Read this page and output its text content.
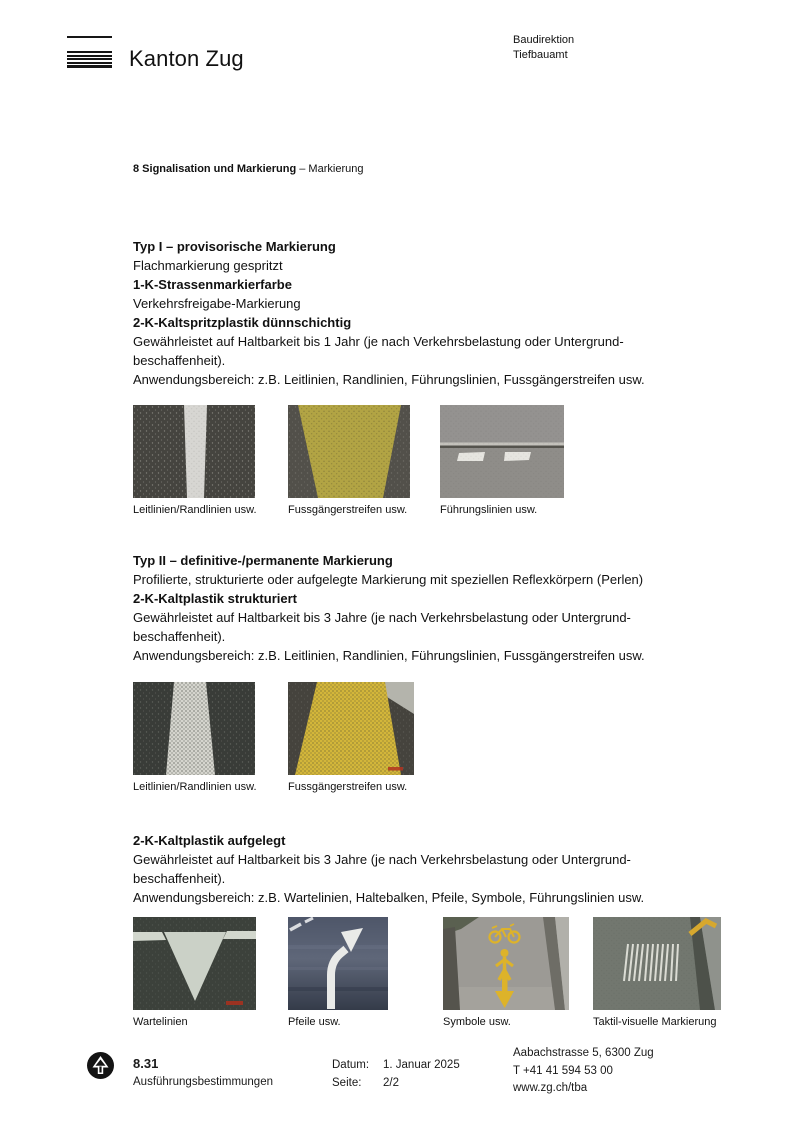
Kanton Zug
Baudirektion
Tiefbauamt
8 Signalisation und Markierung – Markierung
Typ I – provisorische Markierung
Flachmarkierung gespritzt
1-K-Strassenmarkierfarbe
Verkehrsfreigabe-Markierung
2-K-Kaltspritzplastik dünnschichtig
Gewährleistet auf Haltbarkeit bis 1 Jahr (je nach Verkehrsbelastung oder Untergrund-
beschaffenheit).
Anwendungsbereich: z.B. Leitlinien, Randlinien, Führungslinien, Fussgängerstreifen usw.
Leitlinien/Randlinien usw.	Fussgängerstreifen usw.	Führungslinien usw.
Typ II – definitive-/permanente Markierung
Profilierte, strukturierte oder aufgelegte Markierung mit speziellen Reflexkörpern (Perlen)
2-K-Kaltplastik strukturiert
Gewährleistet auf Haltbarkeit bis 3 Jahre (je nach Verkehrsbelastung oder Untergrund-
beschaffenheit).
Anwendungsbereich: z.B. Leitlinien, Randlinien, Führungslinien, Fussgängerstreifen usw.
Leitlinien/Randlinien usw.	Fussgängerstreifen usw.
2-K-Kaltplastik aufgelegt
Gewährleistet auf Haltbarkeit bis 3 Jahre (je nach Verkehrsbelastung oder Untergrund-
beschaffenheit).
Anwendungsbereich: z.B. Wartelinien, Haltebalken, Pfeile, Symbole, Führungslinien usw.
Wartelinien	Pfeile usw.	Symbole usw.	Taktil-visuelle Markierung
8.31
Ausführungsbestimmungen
Datum: 1. Januar 2025
Seite: 2/2
Aabachstrasse 5, 6300 Zug
T +41 41 594 53 00
www.zg.ch/tba
